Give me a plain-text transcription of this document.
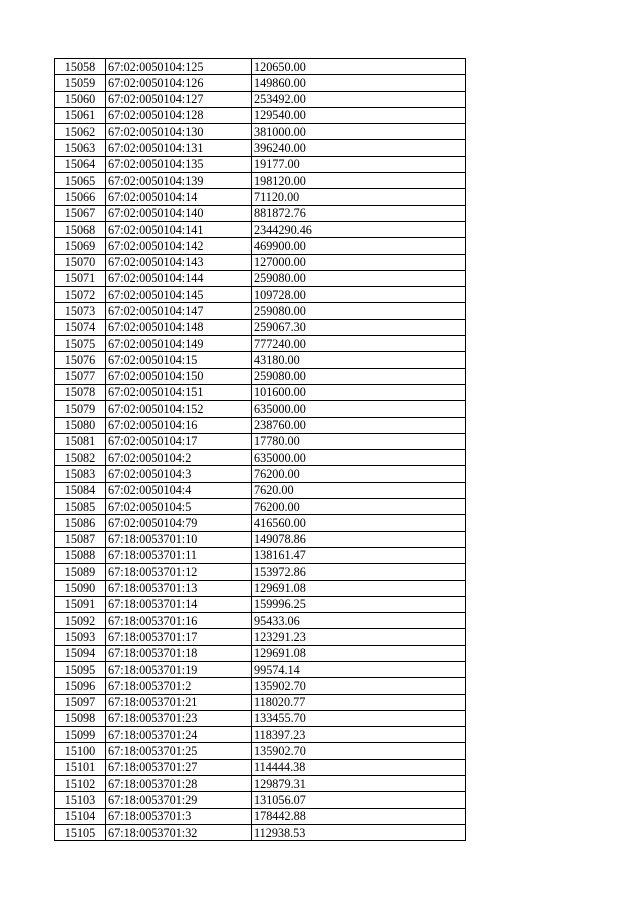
15058	67:02:0050104:125	120650.00
15059	67:02:0050104:126	149860.00
15060	67:02:0050104:127	253492.00
15061	67:02:0050104:128	129540.00
15062	67:02:0050104:130	381000.00
15063	67:02:0050104:131	396240.00
15064	67:02:0050104:135	19177.00
15065	67:02:0050104:139	198120.00
15066	67:02:0050104:14	71120.00
15067	67:02:0050104:140	881872.76
15068	67:02:0050104:141	2344290.46
15069	67:02:0050104:142	469900.00
15070	67:02:0050104:143	127000.00
15071	67:02:0050104:144	259080.00
15072	67:02:0050104:145	109728.00
15073	67:02:0050104:147	259080.00
15074	67:02:0050104:148	259067.30
15075	67:02:0050104:149	777240.00
15076	67:02:0050104:15	43180.00
15077	67:02:0050104:150	259080.00
15078	67:02:0050104:151	101600.00
15079	67:02:0050104:152	635000.00
15080	67:02:0050104:16	238760.00
15081	67:02:0050104:17	17780.00
15082	67:02:0050104:2	635000.00
15083	67:02:0050104:3	76200.00
15084	67:02:0050104:4	7620.00
15085	67:02:0050104:5	76200.00
15086	67:02:0050104:79	416560.00
15087	67:18:0053701:10	149078.86
15088	67:18:0053701:11	138161.47
15089	67:18:0053701:12	153972.86
15090	67:18:0053701:13	129691.08
15091	67:18:0053701:14	159996.25
15092	67:18:0053701:16	95433.06
15093	67:18:0053701:17	123291.23
15094	67:18:0053701:18	129691.08
15095	67:18:0053701:19	99574.14
15096	67:18:0053701:2	135902.70
15097	67:18:0053701:21	118020.77
15098	67:18:0053701:23	133455.70
15099	67:18:0053701:24	118397.23
15100	67:18:0053701:25	135902.70
15101	67:18:0053701:27	114444.38
15102	67:18:0053701:28	129879.31
15103	67:18:0053701:29	131056.07
15104	67:18:0053701:3	178442.88
15105	67:18:0053701:32	112938.53
